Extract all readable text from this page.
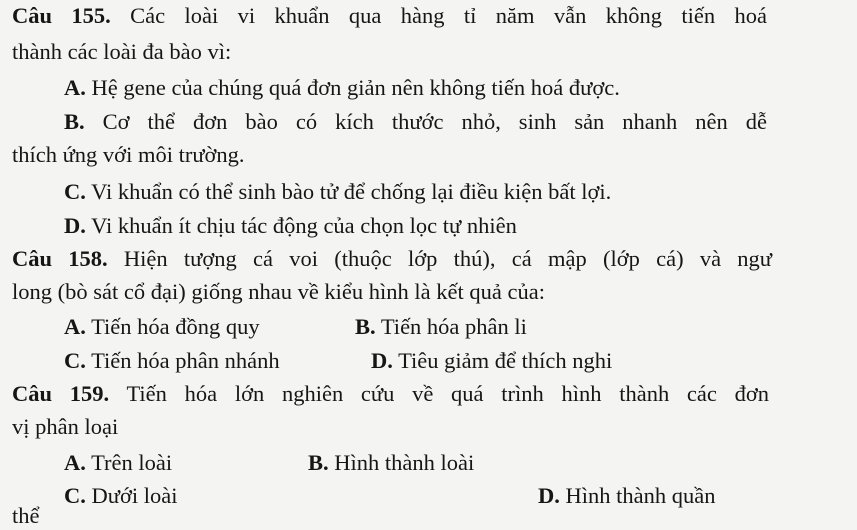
Câu 155. Các loài vi khuẩn qua hàng tỉ năm vẫn không tiến hoá
thành các loài đa bào vì:
A. Hệ gene của chúng quá đơn giản nên không tiến hoá được.
B. Cơ thể đơn bào có kích thước nhỏ, sinh sản nhanh nên dễ
thích ứng với môi trường.
C. Vi khuẩn có thể sinh bào tử để chống lại điều kiện bất lợi.
D. Vi khuẩn ít chịu tác động của chọn lọc tự nhiên
Câu 158. Hiện tượng cá voi (thuộc lớp thú), cá mập (lớp cá) và ngư
long (bò sát cổ đại) giống nhau về kiểu hình là kết quả của:
A. Tiến hóa đồng quy	B. Tiến hóa phân li
C. Tiến hóa phân nhánh	D. Tiêu giảm để thích nghi
Câu 159. Tiến hóa lớn nghiên cứu về quá trình hình thành các đơn
vị phân loại
A. Trên loài	B. Hình thành loài
C. Dưới loài	D. Hình thành quần
thể
